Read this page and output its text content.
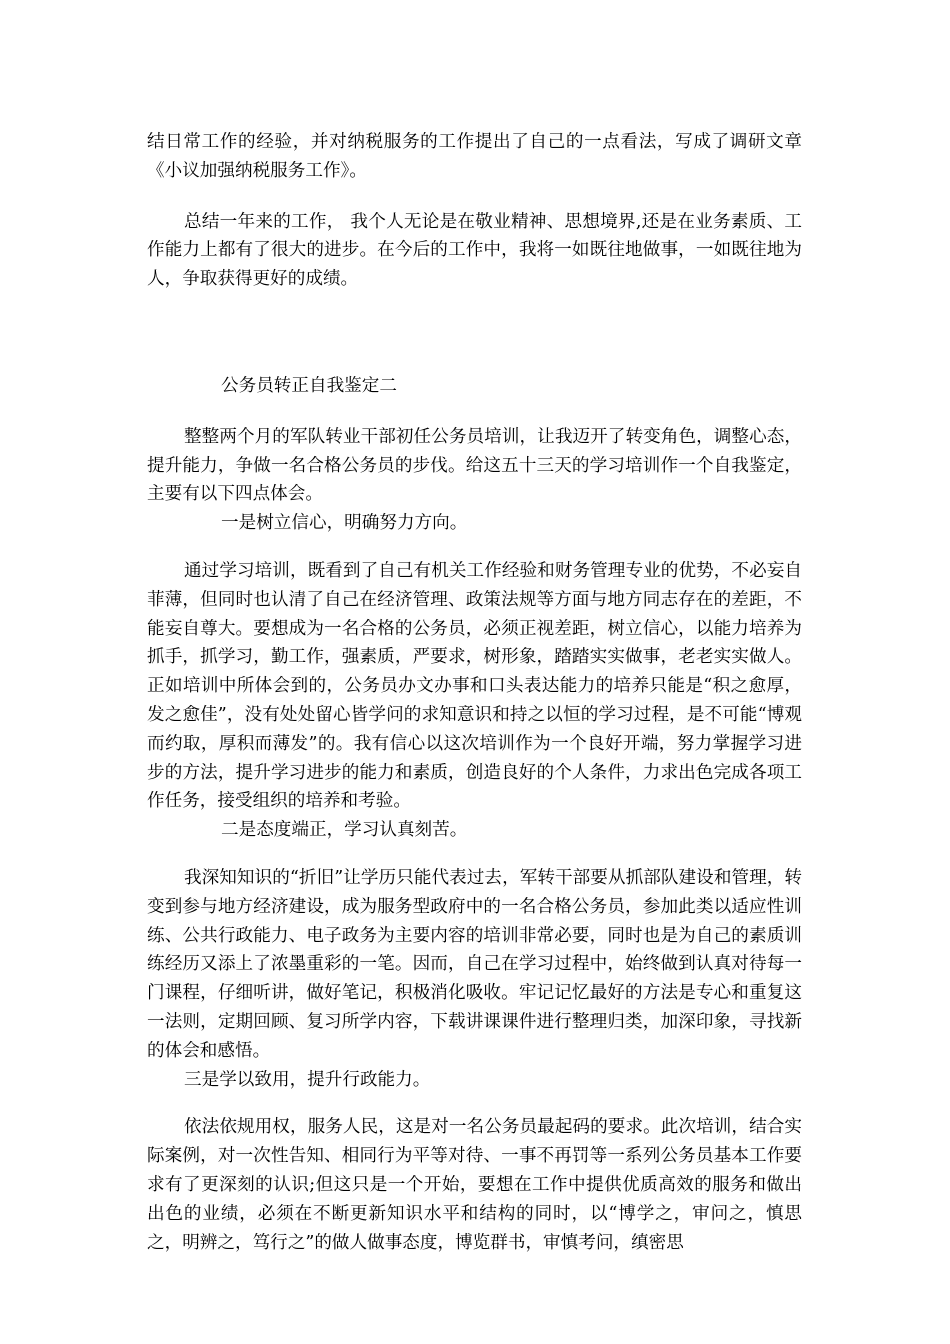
结日常工作的经验，并对纳税服务的工作提出了自己的一点看法，写成了调研文章《小议加强纳税服务工作》。

总结一年来的工作， 我个人无论是在敬业精神、思想境界,还是在业务素质、工作能力上都有了很大的进步。在今后的工作中，我将一如既往地做事，一如既往地为人，争取获得更好的成绩。

公务员转正自我鉴定二

整整两个月的军队转业干部初任公务员培训，让我迈开了转变角色，调整心态，提升能力，争做一名合格公务员的步伐。给这五十三天的学习培训作一个自我鉴定，主要有以下四点体会。

一是树立信心，明确努力方向。

通过学习培训，既看到了自己有机关工作经验和财务管理专业的优势，不必妄自菲薄，但同时也认清了自己在经济管理、政策法规等方面与地方同志存在的差距，不能妄自尊大。要想成为一名合格的公务员，必须正视差距，树立信心，以能力培养为抓手，抓学习，勤工作，强素质，严要求，树形象，踏踏实实做事，老老实实做人。正如培训中所体会到的，公务员办文办事和口头表达能力的培养只能是“积之愈厚，发之愈佳”，没有处处留心皆学问的求知意识和持之以恒的学习过程，是不可能“博观而约取，厚积而薄发”的。我有信心以这次培训作为一个良好开端，努力掌握学习进步的方法，提升学习进步的能力和素质，创造良好的个人条件，力求出色完成各项工作任务，接受组织的培养和考验。

二是态度端正，学习认真刻苦。

我深知知识的“折旧”让学历只能代表过去，军转干部要从抓部队建设和管理，转变到参与地方经济建设，成为服务型政府中的一名合格公务员，参加此类以适应性训练、公共行政能力、电子政务为主要内容的培训非常必要，同时也是为自己的素质训练经历又添上了浓墨重彩的一笔。因而，自己在学习过程中，始终做到认真对待每一门课程，仔细听讲，做好笔记，积极消化吸收。牢记记忆最好的方法是专心和重复这一法则，定期回顾、复习所学内容，下载讲课课件进行整理归类，加深印象，寻找新的体会和感悟。

三是学以致用，提升行政能力。

依法依规用权，服务人民，这是对一名公务员最起码的要求。此次培训，结合实际案例，对一次性告知、相同行为平等对待、一事不再罚等一系列公务员基本工作要求有了更深刻的认识;但这只是一个开始，要想在工作中提供优质高效的服务和做出出色的业绩，必须在不断更新知识水平和结构的同时，以“博学之，审问之，慎思之，明辨之，笃行之”的做人做事态度，博览群书，审慎考问，缜密思
